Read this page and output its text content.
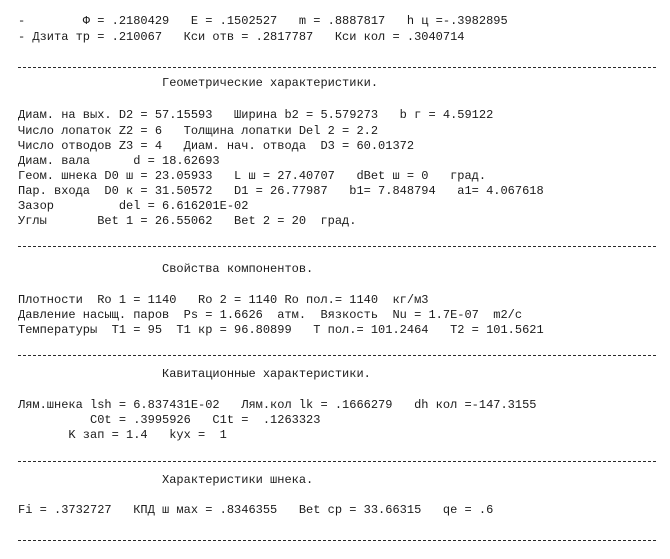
-        Φ = .2180429   E = .1502527   m = .8887817   h ц =-.3982895
- Дзита тр = .210067   Кси отв = .2817787   Кси кол = .3040714
Геометрические характеристики.
Диам. на вых. D2 = 57.15593   Ширина b2 = 5.579273   b г = 4.59122
Число лопаток Z2 = 6   Толщина лопатки Del 2 = 2.2
Число отводов Z3 = 4   Диам. нач. отвода  D3 = 60.01372
Диам. вала      d = 18.62693
Геом. шнека D0 ш = 23.05933   L ш = 27.40707   dBet ш = 0   град.
Пар. входа  D0 к = 31.50572   D1 = 26.77987   b1= 7.848794   a1= 4.067618
Зазор         del = 6.616201E-02
Углы       Bet 1 = 26.55062   Bet 2 = 20  град.
Свойства компонентов.
Плотности  Ro 1 = 1140   Ro 2 = 1140 Ro пол.= 1140  кг/м3
Давление насыщ. паров  Ps = 1.6626  атм.  Вязкость  Nu = 1.7E-07  m2/c
Температуры  T1 = 95  T1 кр = 96.80899   T пол.= 101.2464   T2 = 101.5621
Кавитационные характеристики.
Лям.шнека lsh = 6.837431E-02   Лям.кол lk = .1666279   dh кол =-147.3155
C0t = .3995926   C1t =  .1263323
K зап = 1.4   kуx =  1
Характеристики шнека.
Fi = .3732727   КПД ш мах = .8346355   Bet ср = 33.66315   qe = .6
